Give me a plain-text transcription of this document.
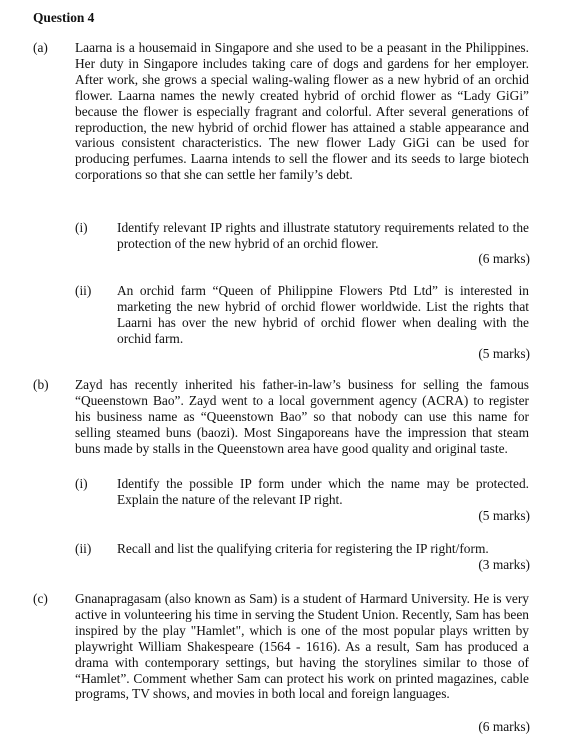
Question 4
(a) Laarna is a housemaid in Singapore and she used to be a peasant in the Philippines. Her duty in Singapore includes taking care of dogs and gardens for her employer. After work, she grows a special waling-waling flower as a new hybrid of an orchid flower. Laarna names the newly created hybrid of orchid flower as “Lady GiGi” because the flower is especially fragrant and colorful. After several generations of reproduction, the new hybrid of orchid flower has attained a stable appearance and various consistent characteristics. The new flower Lady GiGi can be used for producing perfumes. Laarna intends to sell the flower and its seeds to large biotech corporations so that she can settle her family’s debt.
(i) Identify relevant IP rights and illustrate statutory requirements related to the protection of the new hybrid of an orchid flower.
(6 marks)
(ii) An orchid farm “Queen of Philippine Flowers Ptd Ltd” is interested in marketing the new hybrid of orchid flower worldwide. List the rights that Laarni has over the new hybrid of orchid flower when dealing with the orchid farm.
(5 marks)
(b) Zayd has recently inherited his father-in-law’s business for selling the famous “Queenstown Bao”. Zayd went to a local government agency (ACRA) to register his business name as “Queenstown Bao” so that nobody can use this name for selling steamed buns (baozi). Most Singaporeans have the impression that steam buns made by stalls in the Queenstown area have good quality and original taste.
(i) Identify the possible IP form under which the name may be protected. Explain the nature of the relevant IP right.
(5 marks)
(ii) Recall and list the qualifying criteria for registering the IP right/form.
(3 marks)
(c) Gnanapragasam (also known as Sam) is a student of Harmard University. He is very active in volunteering his time in serving the Student Union. Recently, Sam has been inspired by the play "Hamlet", which is one of the most popular plays written by playwright William Shakespeare (1564 - 1616). As a result, Sam has produced a drama with contemporary settings, but having the storylines similar to those of “Hamlet”. Comment whether Sam can protect his work on printed magazines, cable programs, TV shows, and movies in both local and foreign languages.
(6 marks)
